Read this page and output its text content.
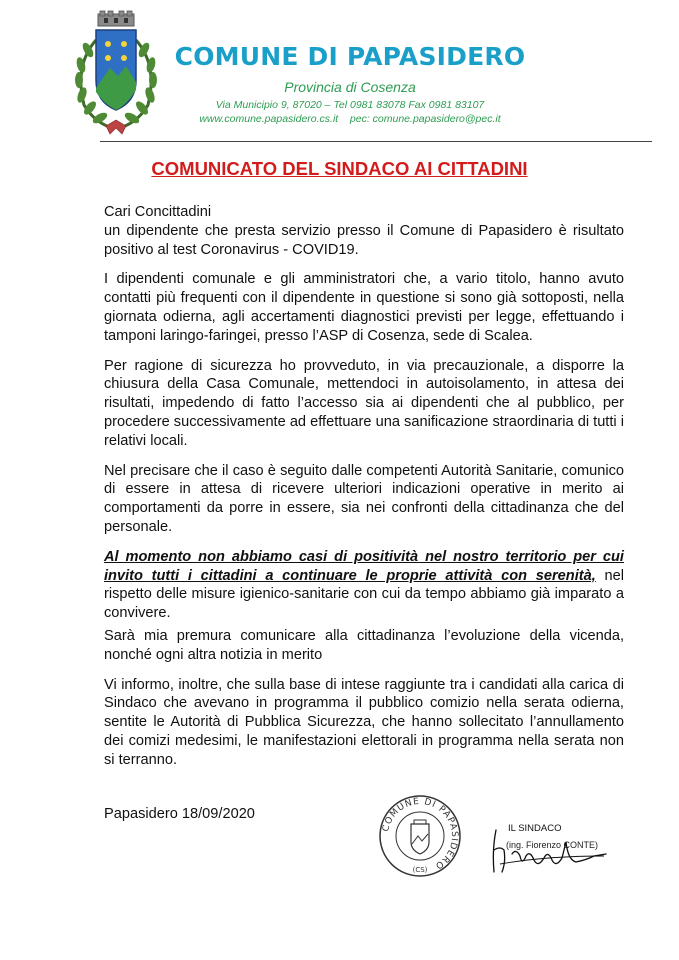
COMUNE DI PAPASIDERO
Provincia di Cosenza
Via Municipio 9, 87020 – Tel 0981 83078 Fax 0981 83107
www.comune.papasidero.cs.it pec: comune.papasidero@pec.it
COMUNICATO DEL SINDACO AI CITTADINI

Cari Concittadini

un dipendente che presta servizio presso il Comune di Papasidero è risultato positivo al test Coronavirus - COVID19.

I dipendenti comunale e gli amministratori che, a vario titolo, hanno avuto contatti più frequenti con il dipendente in questione si sono già sottoposti, nella giornata odierna, agli accertamenti diagnostici previsti per legge, effettuando i tamponi laringo-faringei, presso l’ASP di Cosenza, sede di Scalea.

Per ragione di sicurezza ho provveduto, in via precauzionale, a disporre la chiusura della Casa Comunale, mettendoci in autoisolamento, in attesa dei risultati, impedendo di fatto l’accesso sia ai dipendenti che al pubblico, per procedere successivamente ad effettuare una sanificazione straordinaria di tutti i relativi locali.

Nel precisare che il caso è seguito dalle competenti Autorità Sanitarie, comunico di essere in attesa di ricevere ulteriori indicazioni operative in merito ai comportamenti da porre in essere, sia nei confronti della cittadinanza che del personale.

Al momento non abbiamo casi di positività nel nostro territorio per cui invito tutti i cittadini a continuare le proprie attività con serenità, nel rispetto delle misure igienico-sanitarie con cui da tempo abbiamo già imparato a convivere.

Sarà mia premura comunicare alla cittadinanza l’evoluzione della vicenda, nonché ogni altra notizia in merito

Vi informo, inoltre, che sulla base di intese raggiunte tra i candidati alla carica di Sindaco che avevano in programma il pubblico comizio nella serata odierna, sentite le Autorità di Pubblica Sicurezza, che hanno sollecitato l’annullamento dei comizi medesimi, le manifestazioni elettorali in programma nella serata non si terranno.

Papasidero 18/09/2020
COMUNE DI PAPASIDERO
(CS)
IL SINDACO
(ing. Fiorenzo CONTE)
